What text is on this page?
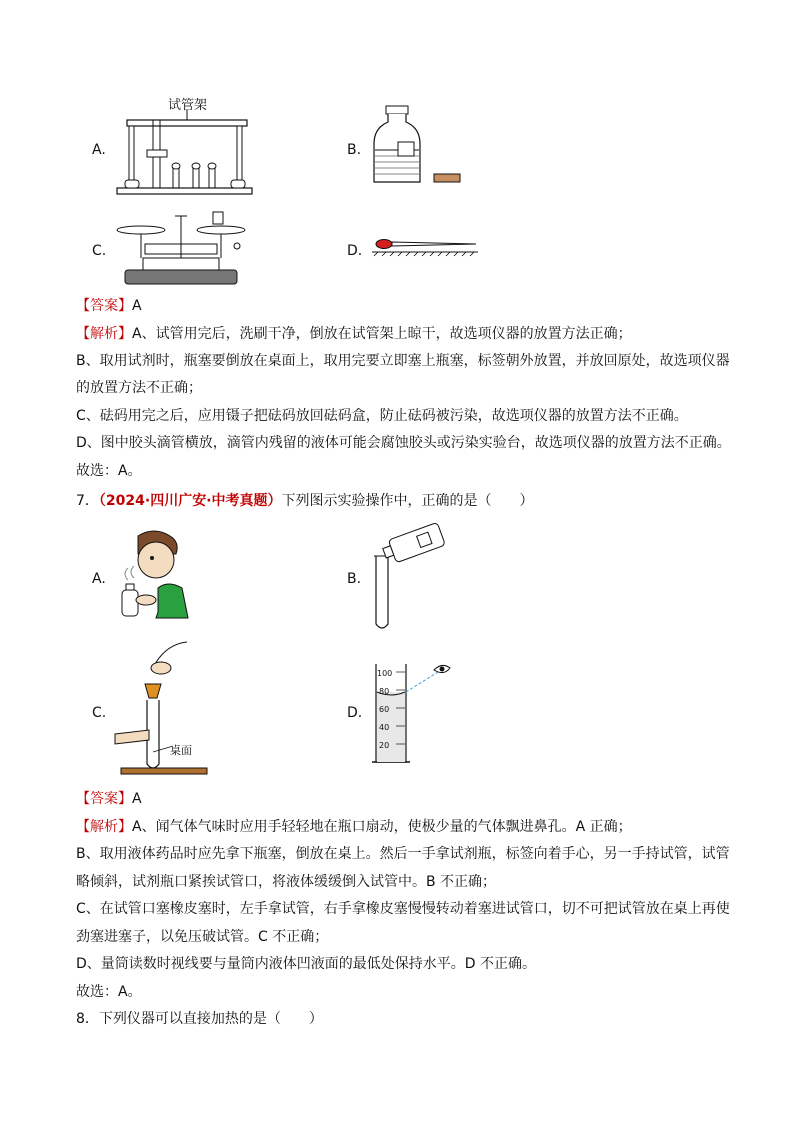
A.
试管架
B.
C.	D.
【答案】A
【解析】A、试管用完后，洗刷干净，倒放在试管架上晾干，故选项仪器的放置方法正确；
B、取用试剂时，瓶塞要倒放在桌面上，取用完要立即塞上瓶塞，标签朝外放置，并放回原处，故选项仪器
的放置方法不正确；
C、砝码用完之后，应用镊子把砝码放回砝码盒，防止砝码被污染，故选项仪器的放置方法不正确。
D、图中胶头滴管横放，滴管内残留的液体可能会腐蚀胶头或污染实验台，故选项仪器的放置方法不正确。
故选：A。
7．（2024·四川广安·中考真题）下列图示实验操作中，正确的是（　　）
A.	B.
C.
桌面
D.
100
80
60
40
20
【答案】A
【解析】A、闻气体气味时应用手轻轻地在瓶口扇动，使极少量的气体飘进鼻孔。A 正确；
B、取用液体药品时应先拿下瓶塞，倒放在桌上。然后一手拿试剂瓶，标签向着手心，另一手持试管，试管
略倾斜，试剂瓶口紧挨试管口，将液体缓缓倒入试管中。B 不正确；
C、在试管口塞橡皮塞时，左手拿试管，右手拿橡皮塞慢慢转动着塞进试管口，切不可把试管放在桌上再使
劲塞进塞子，以免压破试管。C 不正确；
D、量筒读数时视线要与量筒内液体凹液面的最低处保持水平。D 不正确。
故选：A。
8．下列仪器可以直接加热的是（　　）
